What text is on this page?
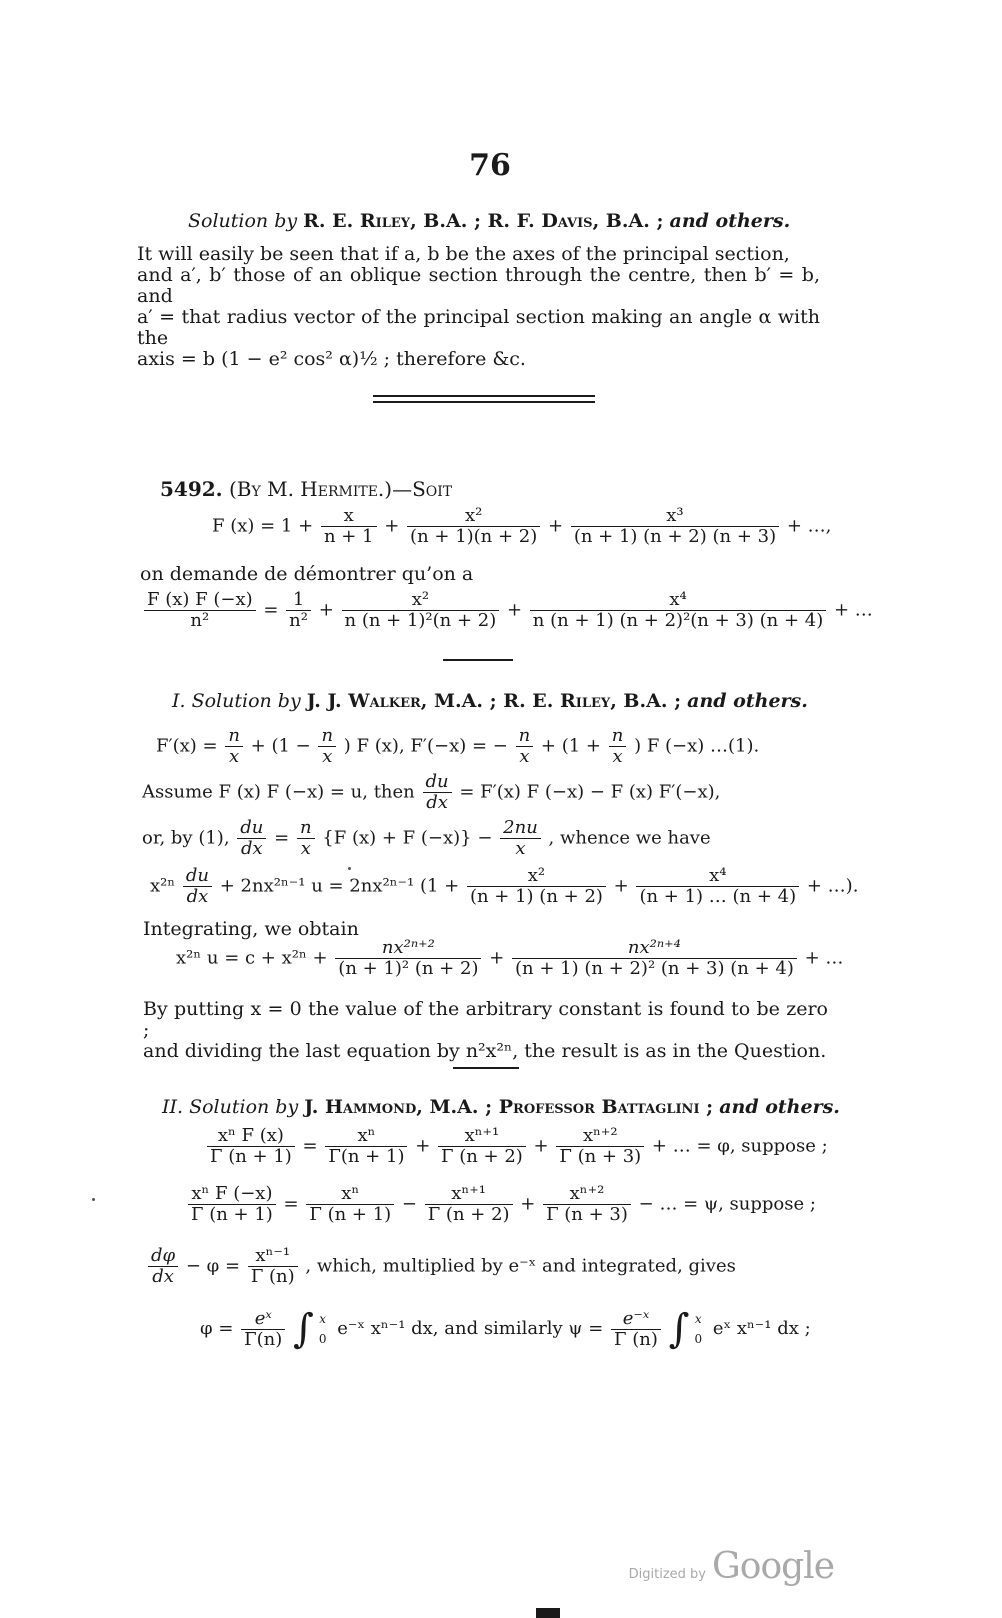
76
Solution by R. E. Riley, B.A. ; R. F. Davis, B.A. ; and others.
It will easily be seen that if a, b be the axes of the principal section,
and a′, b′ those of an oblique section through the centre, then b′ = b, and
a′ = that radius vector of the principal section making an angle α with the
axis = b (1 − e² cos² α)½ ; therefore &c.
5492. (By M. Hermite.)—Soit
F $(x) = 1 + \frac{x}{n + 1} + \frac{\text{x²}}{(n + 1)(n + 2)} + \frac{\text{x³}}{(n + 1) (n + 2) (n + 3)}$ + …,
on demande de démontrer qu’on a
$\frac{F (x) F (-x)}{\text{n²}} = \frac{1}{\text{n²}} + \frac{\text{x²}}{\text{n (n + 1)²(n + 2)}} + \frac{\text{x⁴}}{\text{n (n + 1) (n + 2)²(n + 3) (n + 4)}}$ + …
I. Solution by J. J. Walker, M.A. ; R. E. Riley, B.A. ; and others.
$F'(x) = \frac{n}{x} + (1 - \frac{n}{x}$ ) F (x), F′(−x) = − $\frac{n}{x} + (1 + \frac{n}{x}$ ) F (−x) …(1).
Assume F (x) F (−x) = u, then $\frac{du}{dx} = F'(x)$ F (−x) − F (x) F′(−x),
or, by (1), $\frac{du}{dx} = \frac{n}{x} \{F$ (x) + F $(-x)\} - \frac{2nu}{x}$ , whence we have
$x^{2n} \frac{du}{dx} + 2nx^{2n-1}$ u = 2nx²ⁿ⁻¹ ($1 + \frac{\text{x²}}{(n + 1) (n + 2)} + \frac{\text{x⁴}}{(n + 1) \dots (n + 4)}$ + …).
Integrating, we obtain
x²ⁿ $u = c + x^{2n} + \frac{\text{nx²ⁿ⁺²}}{\text{(n + 1)² (n + 2)}} + \frac{\text{nx²ⁿ⁺⁴}}{\text{(n + 1) (n + 2)² (n + 3) (n + 4)}}$ + …
By putting x = 0 the value of the arbitrary constant is found to be zero ;
and dividing the last equation by n²x²ⁿ, the result is as in the Question.
II. Solution by J. Hammond, M.A. ; Professor Battaglini ; and others.
$\frac{\text{xⁿ F (x)}}{\Gamma (n + 1)} = \frac{\text{xⁿ}}{\Gamma(n + 1)} + \frac{\text{xⁿ⁺¹}}{\Gamma (n + 2)} + \frac{\text{xⁿ⁺²}}{\Gamma (n + 3)}$ + … = φ, suppose ;
$\frac{\text{xⁿ F (−x)}}{\Gamma (n + 1)} = \frac{\text{xⁿ}}{\Gamma (n + 1)} - \frac{\text{xⁿ⁺¹}}{\Gamma (n + 2)} + \frac{\text{xⁿ⁺²}}{\Gamma (n + 3)}$ − … = ψ, suppose ;
$\frac{d\varphi}{dx} - \varphi = \frac{\text{xⁿ⁻¹}}{\Gamma (n)}$ , which, multiplied by e⁻ˣ and integrated, gives
$\varphi = \frac{\text{eˣ}}{\Gamma(n)}$ ∫ x
0 e⁻ˣ xⁿ⁻¹ dx, and similarly $\psi = \frac{\text{e⁻ˣ}}{\Gamma (n)}$ ∫ x
0 eˣ xⁿ⁻¹ dx ;
Digitized by Google
